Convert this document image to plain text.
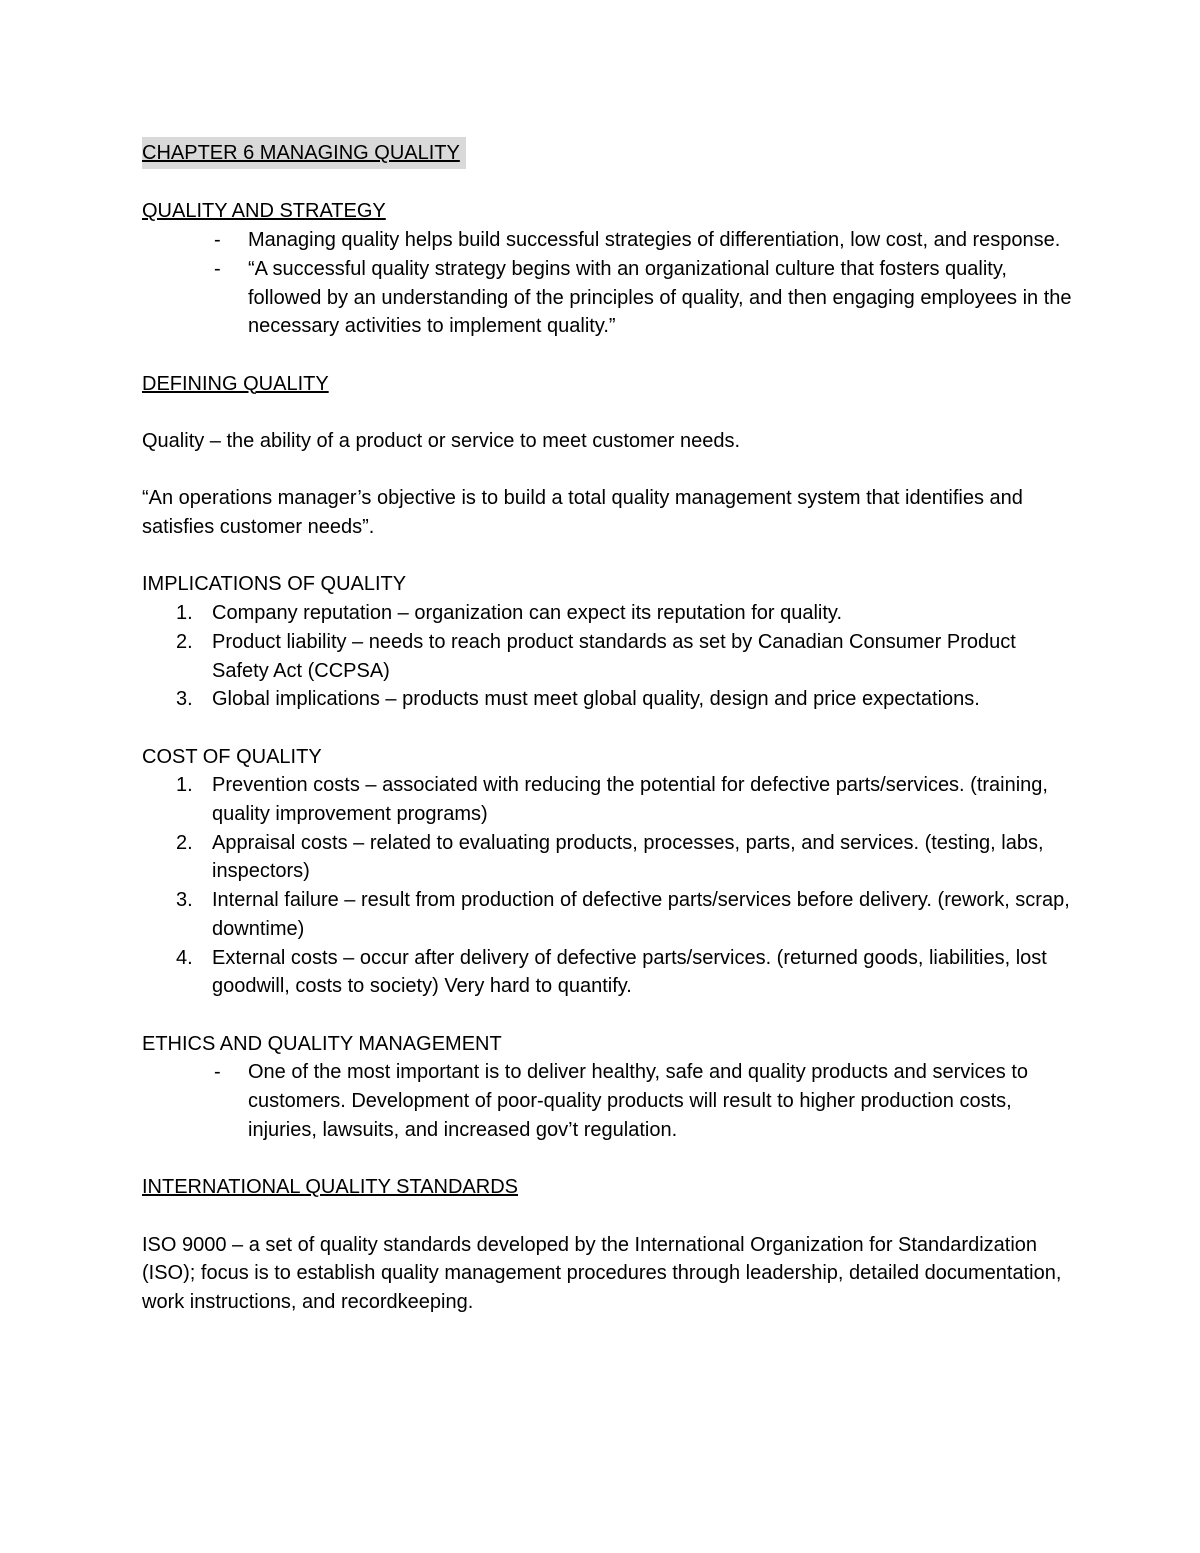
CHAPTER 6 MANAGING QUALITY

QUALITY AND STRATEGY

- Managing quality helps build successful strategies of differentiation, low cost, and response.
- “A successful quality strategy begins with an organizational culture that fosters quality, followed by an understanding of the principles of quality, and then engaging employees in the necessary activities to implement quality.”

DEFINING QUALITY

Quality – the ability of a product or service to meet customer needs.

“An operations manager’s objective is to build a total quality management system that identifies and satisfies customer needs”.

IMPLICATIONS OF QUALITY

1. Company reputation – organization can expect its reputation for quality.
2. Product liability – needs to reach product standards as set by Canadian Consumer Product Safety Act (CCPSA)
3. Global implications – products must meet global quality, design and price expectations.

COST OF QUALITY

1. Prevention costs – associated with reducing the potential for defective parts/services. (training, quality improvement programs)
2. Appraisal costs – related to evaluating products, processes, parts, and services. (testing, labs, inspectors)
3. Internal failure – result from production of defective parts/services before delivery. (rework, scrap, downtime)
4. External costs – occur after delivery of defective parts/services. (returned goods, liabilities, lost goodwill, costs to society) Very hard to quantify.

ETHICS AND QUALITY MANAGEMENT

- One of the most important is to deliver healthy, safe and quality products and services to customers. Development of poor-quality products will result to higher production costs, injuries, lawsuits, and increased gov’t regulation.

INTERNATIONAL QUALITY STANDARDS

ISO 9000 – a set of quality standards developed by the International Organization for Standardization (ISO); focus is to establish quality management procedures through leadership, detailed documentation, work instructions, and recordkeeping.
